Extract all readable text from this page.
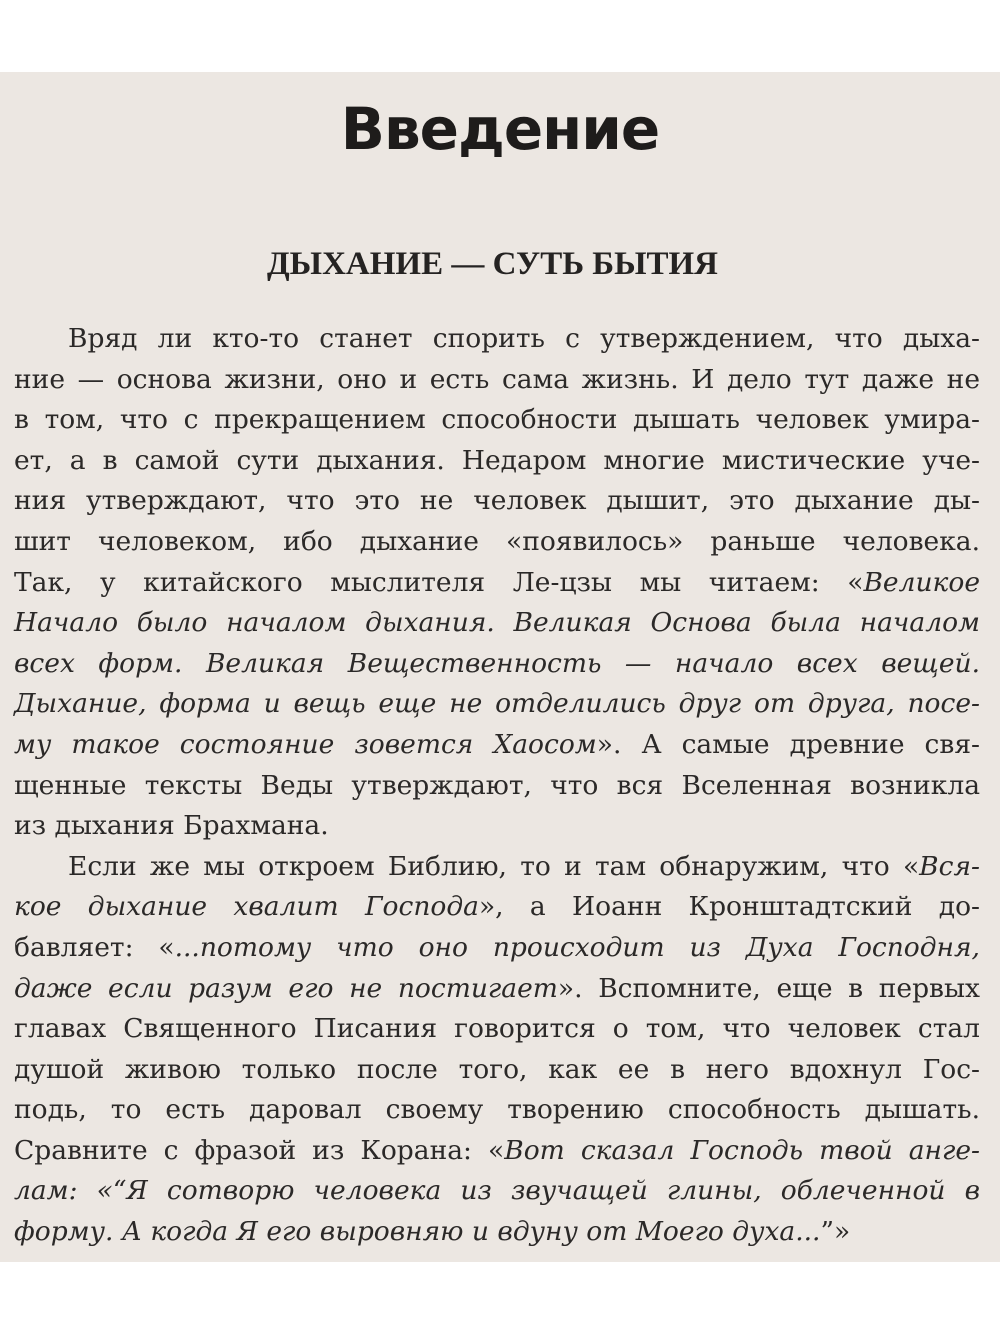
Введение
ДЫХАНИЕ — СУТЬ БЫТИЯ
Вряд ли кто-то станет спорить с утверждением, что дыха-
ние — основа жизни, оно и есть сама жизнь. И дело тут даже не
в том, что с прекращением способности дышать человек умира-
ет, а в самой сути дыхания. Недаром многие мистические уче-
ния утверждают, что это не человек дышит, это дыхание ды-
шит человеком, ибо дыхание «появилось» раньше человека.
Так, у китайского мыслителя Ле-цзы мы читаем: «Великое
Начало было началом дыхания. Великая Основа была началом
всех форм. Великая Вещественность — начало всех вещей.
Дыхание, форма и вещь еще не отделились друг от друга, посе-
му такое состояние зовется Хаосом». А самые древние свя-
щенные тексты Веды утверждают, что вся Вселенная возникла
из дыхания Брахмана.
Если же мы откроем Библию, то и там обнаружим, что «Вся-
кое дыхание хвалит Господа», а Иоанн Кронштадтский до-
бавляет: «...потому что оно происходит из Духа Господня,
даже если разум его не постигает». Вспомните, еще в первых
главах Священного Писания говорится о том, что человек стал
душой живою только после того, как ее в него вдохнул Гос-
подь, то есть даровал своему творению способность дышать.
Сравните с фразой из Корана: «Вот сказал Господь твой анге-
лам: «“Я сотворю человека из звучащей глины, облеченной в
форму. А когда Я его выровняю и вдуну от Моего духа...”»
